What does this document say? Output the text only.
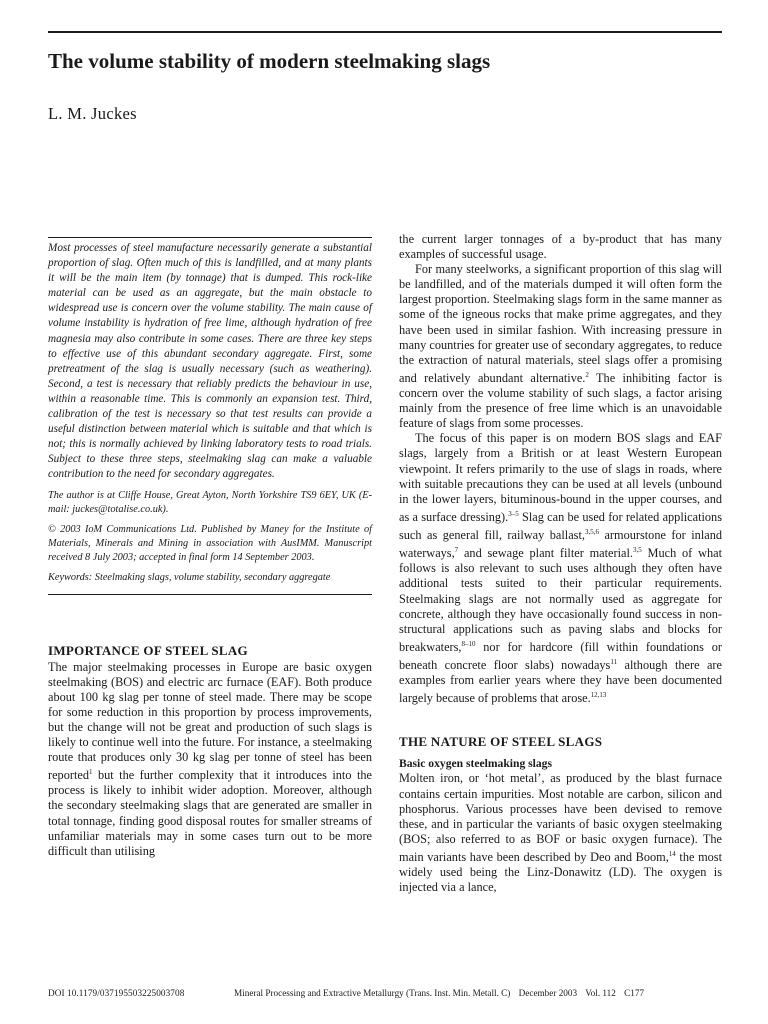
The volume stability of modern steelmaking slags
L. M. Juckes

Most processes of steel manufacture necessarily generate a substantial proportion of slag. Often much of this is landfilled, and at many plants it will be the main item (by tonnage) that is dumped. This rock-like material can be used as an aggregate, but the main obstacle to widespread use is concern over the volume stability. The main cause of volume instability is hydration of free lime, although hydration of free magnesia may also contribute in some cases. There are three key steps to effective use of this abundant secondary aggregate. First, some pretreatment of the slag is usually necessary (such as weathering). Second, a test is necessary that reliably predicts the behaviour in use, within a reasonable time. This is commonly an expansion test. Third, calibration of the test is necessary so that test results can provide a useful distinction between material which is suitable and that which is not; this is normally achieved by linking laboratory tests to road trials. Subject to these three steps, steelmaking slag can make a valuable contribution to the need for secondary aggregates.

The author is at Cliffe House, Great Ayton, North Yorkshire TS9 6EY, UK (E-mail: juckes@totalise.co.uk).

© 2003 IoM Communications Ltd. Published by Maney for the Institute of Materials, Minerals and Mining in association with AusIMM. Manuscript received 8 July 2003; accepted in final form 14 September 2003.

Keywords: Steelmaking slags, volume stability, secondary aggregate

IMPORTANCE OF STEEL SLAG

The major steelmaking processes in Europe are basic oxygen steelmaking (BOS) and electric arc furnace (EAF). Both produce about 100 kg slag per tonne of steel made. There may be scope for some reduction in this proportion by process improvements, but the change will not be great and production of such slags is likely to continue well into the future. For instance, a steelmaking route that produces only 30 kg slag per tonne of steel has been reported$^1$ but the further complexity that it introduces into the process is likely to inhibit wider adoption. Moreover, although the secondary steelmaking slags that are generated are smaller in total tonnage, finding good disposal routes for smaller streams of unfamiliar materials may in some cases turn out to be more difficult than utilising

the current larger tonnages of a by-product that has many examples of successful usage.

For many steelworks, a significant proportion of this slag will be landfilled, and of the materials dumped it will often form the largest proportion. Steelmaking slags form in the same manner as some of the igneous rocks that make prime aggregates, and they have been used in similar fashion. With increasing pressure in many countries for greater use of secondary aggregates, to reduce the extraction of natural materials, steel slags offer a promising and relatively abundant alternative.$^2$ The inhibiting factor is concern over the volume stability of such slags, a factor arising mainly from the presence of free lime which is an unavoidable feature of slags from some processes.

The focus of this paper is on modern BOS slags and EAF slags, largely from a British or at least Western European viewpoint. It refers primarily to the use of slags in roads, where with suitable precautions they can be used at all levels (unbound in the lower layers, bituminous-bound in the upper courses, and as a surface dressing).$^{3-5}$ Slag can be used for related applications such as general fill, railway ballast,$^{3,5,6}$ armourstone for inland waterways,$^7$ and sewage plant filter material.$^{3,5}$ Much of what follows is also relevant to such uses although they often have additional tests suited to their particular requirements. Steelmaking slags are not normally used as aggregate for concrete, although they have occasionally found success in non-structural applications such as paving slabs and blocks for breakwaters,$^{8-10}$ nor for hardcore (fill within foundations or beneath concrete floor slabs) nowadays$^{11}$ although there are examples from earlier years where they have been documented largely because of problems that arose.$^{12,13}$

THE NATURE OF STEEL SLAGS
Basic oxygen steelmaking slags

Molten iron, or ‘hot metal’, as produced by the blast furnace contains certain impurities. Most notable are carbon, silicon and phosphorus. Various processes have been devised to remove these, and in particular the variants of basic oxygen steelmaking (BOS; also referred to as BOF or basic oxygen furnace). The main variants have been described by Deo and Boom,$^{14}$ the most widely used being the Linz-Donawitz (LD). The oxygen is injected via a lance,

DOI 10.1179/037195503225003708	Mineral Processing and Extractive Metallurgy (Trans. Inst. Min. Metall. C) December 2003 Vol. 112 C177
